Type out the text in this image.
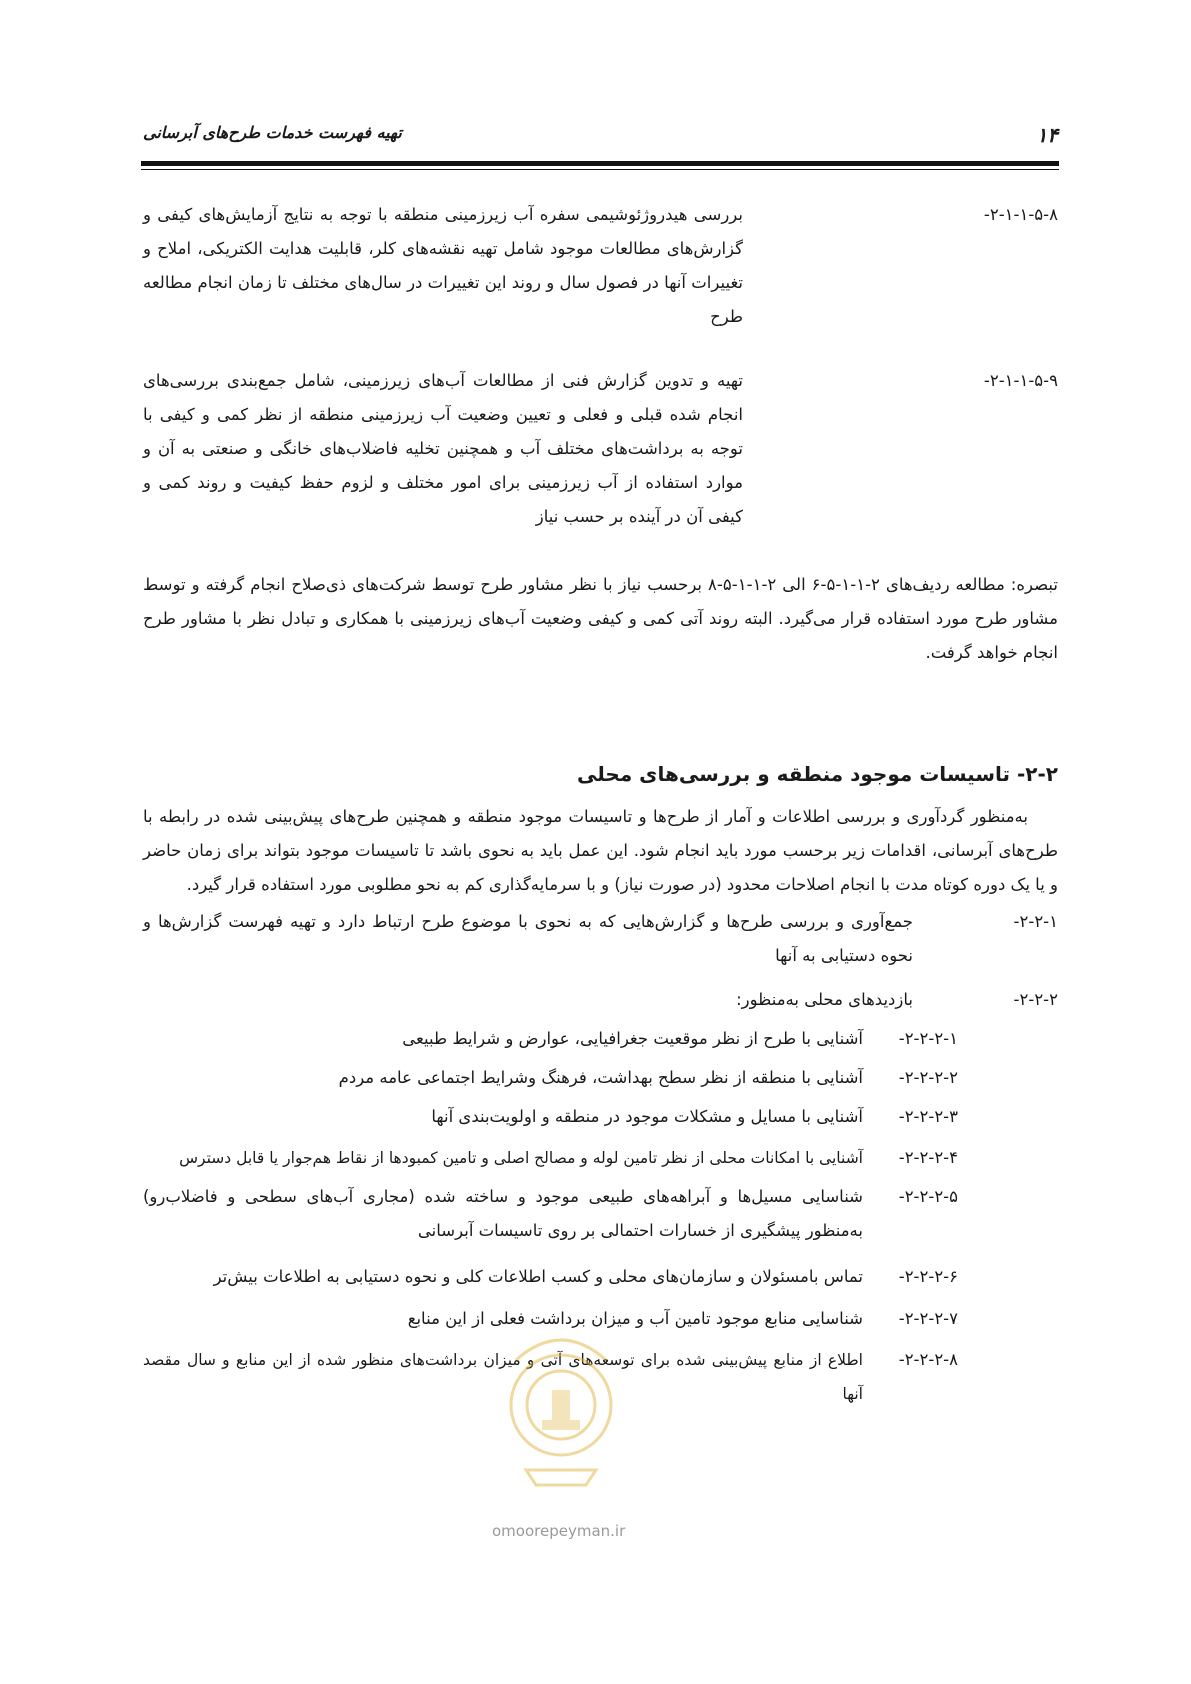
۱۴
تهیه فهرست خدمات طرح‌های آبرسانی
۲-۱-۱-۵-۸-
بررسی هیدروژئوشیمی سفره آب زیرزمینی منطقه با توجه به نتایج آزمایش‌های کیفی و گزارش‌های مطالعات موجود شامل تهیه نقشه‌های کلر، قابلیت هدایت الکتریکی، املاح و تغییرات آنها در فصول سال و روند این تغییرات در سال‌های مختلف تا زمان انجام مطالعه طرح
۲-۱-۱-۵-۹-
تهیه و تدوین گزارش فنی از مطالعات آب‌های زیرزمینی، شامل جمع‌بندی بررسی‌های انجام شده قبلی و فعلی و تعیین وضعیت آب زیرزمینی منطقه از نظر کمی و کیفی با توجه به برداشت‌های مختلف آب و همچنین تخلیه فاضلاب‌های خانگی و صنعتی به آن و موارد استفاده از آب زیرزمینی برای امور مختلف و لزوم حفظ کیفیت و روند کمی و کیفی آن در آینده بر حسب نیاز
تبصره: مطالعه ردیف‌های ۲-۱-۱-۵-۶ الی ۲-۱-۱-۵-۸ برحسب نیاز با نظر مشاور طرح توسط شرکت‌های ذی‌صلاح انجام گرفته و توسط مشاور طرح مورد استفاده قرار می‌گیرد. البته روند آتی کمی و کیفی وضعیت آب‌های زیرزمینی با همکاری و تبادل نظر با مشاور طرح انجام خواهد گرفت.
۲-۲- تاسیسات موجود منطقه و بررسی‌های محلی
به‌منظور گردآوری و بررسی اطلاعات و آمار از طرح‌ها و تاسیسات موجود منطقه و همچنین طرح‌های پیش‌بینی شده در رابطه با طرح‌های آبرسانی، اقدامات زیر برحسب مورد باید انجام شود. این عمل باید به نحوی باشد تا تاسیسات موجود بتواند برای زمان حاضر و یا یک دوره کوتاه مدت با انجام اصلاحات محدود (در صورت نیاز) و با سرمایه‌گذاری کم به نحو مطلوبی مورد استفاده قرار گیرد.
۲-۲-۱-
جمع‌آوری و بررسی طرح‌ها و گزارش‌هایی که به نحوی با موضوع طرح ارتباط دارد و تهیه فهرست گزارش‌ها و نحوه دستیابی به آنها
۲-۲-۲-
بازدیدهای محلی به‌منظور:
۲-۲-۲-۱-
آشنایی با طرح از نظر موقعیت جغرافیایی، عوارض و شرایط طبیعی
۲-۲-۲-۲-
آشنایی با منطقه از نظر سطح بهداشت، فرهنگ وشرایط اجتماعی عامه مردم
۲-۲-۲-۳-
آشنایی با مسایل و مشکلات موجود در منطقه و اولویت‌بندی آنها
۲-۲-۲-۴-
آشنایی با امکانات محلی از نظر تامین لوله و مصالح اصلی و تامین کمبودها از نقاط هم‌جوار یا قابل دسترس
۲-۲-۲-۵-
شناسایی مسیل‌ها و آبراهه‌های طبیعی موجود و ساخته شده (مجاری آب‌های سطحی و فاضلاب‌رو) به‌منظور پیشگیری از خسارات احتمالی بر روی تاسیسات آبرسانی
۲-۲-۲-۶-
تماس بامسئولان و سازمان‌های محلی و کسب اطلاعات کلی و نحوه دستیابی به اطلاعات بیش‌تر
۲-۲-۲-۷-
شناسایی منابع موجود تامین آب و میزان برداشت فعلی از این منابع
۲-۲-۲-۸-
اطلاع از منابع پیش‌بینی شده برای توسعه‌های آتی و میزان برداشت‌های منظور شده از این منابع و سال مقصد آنها
omoorepeyman.ir
